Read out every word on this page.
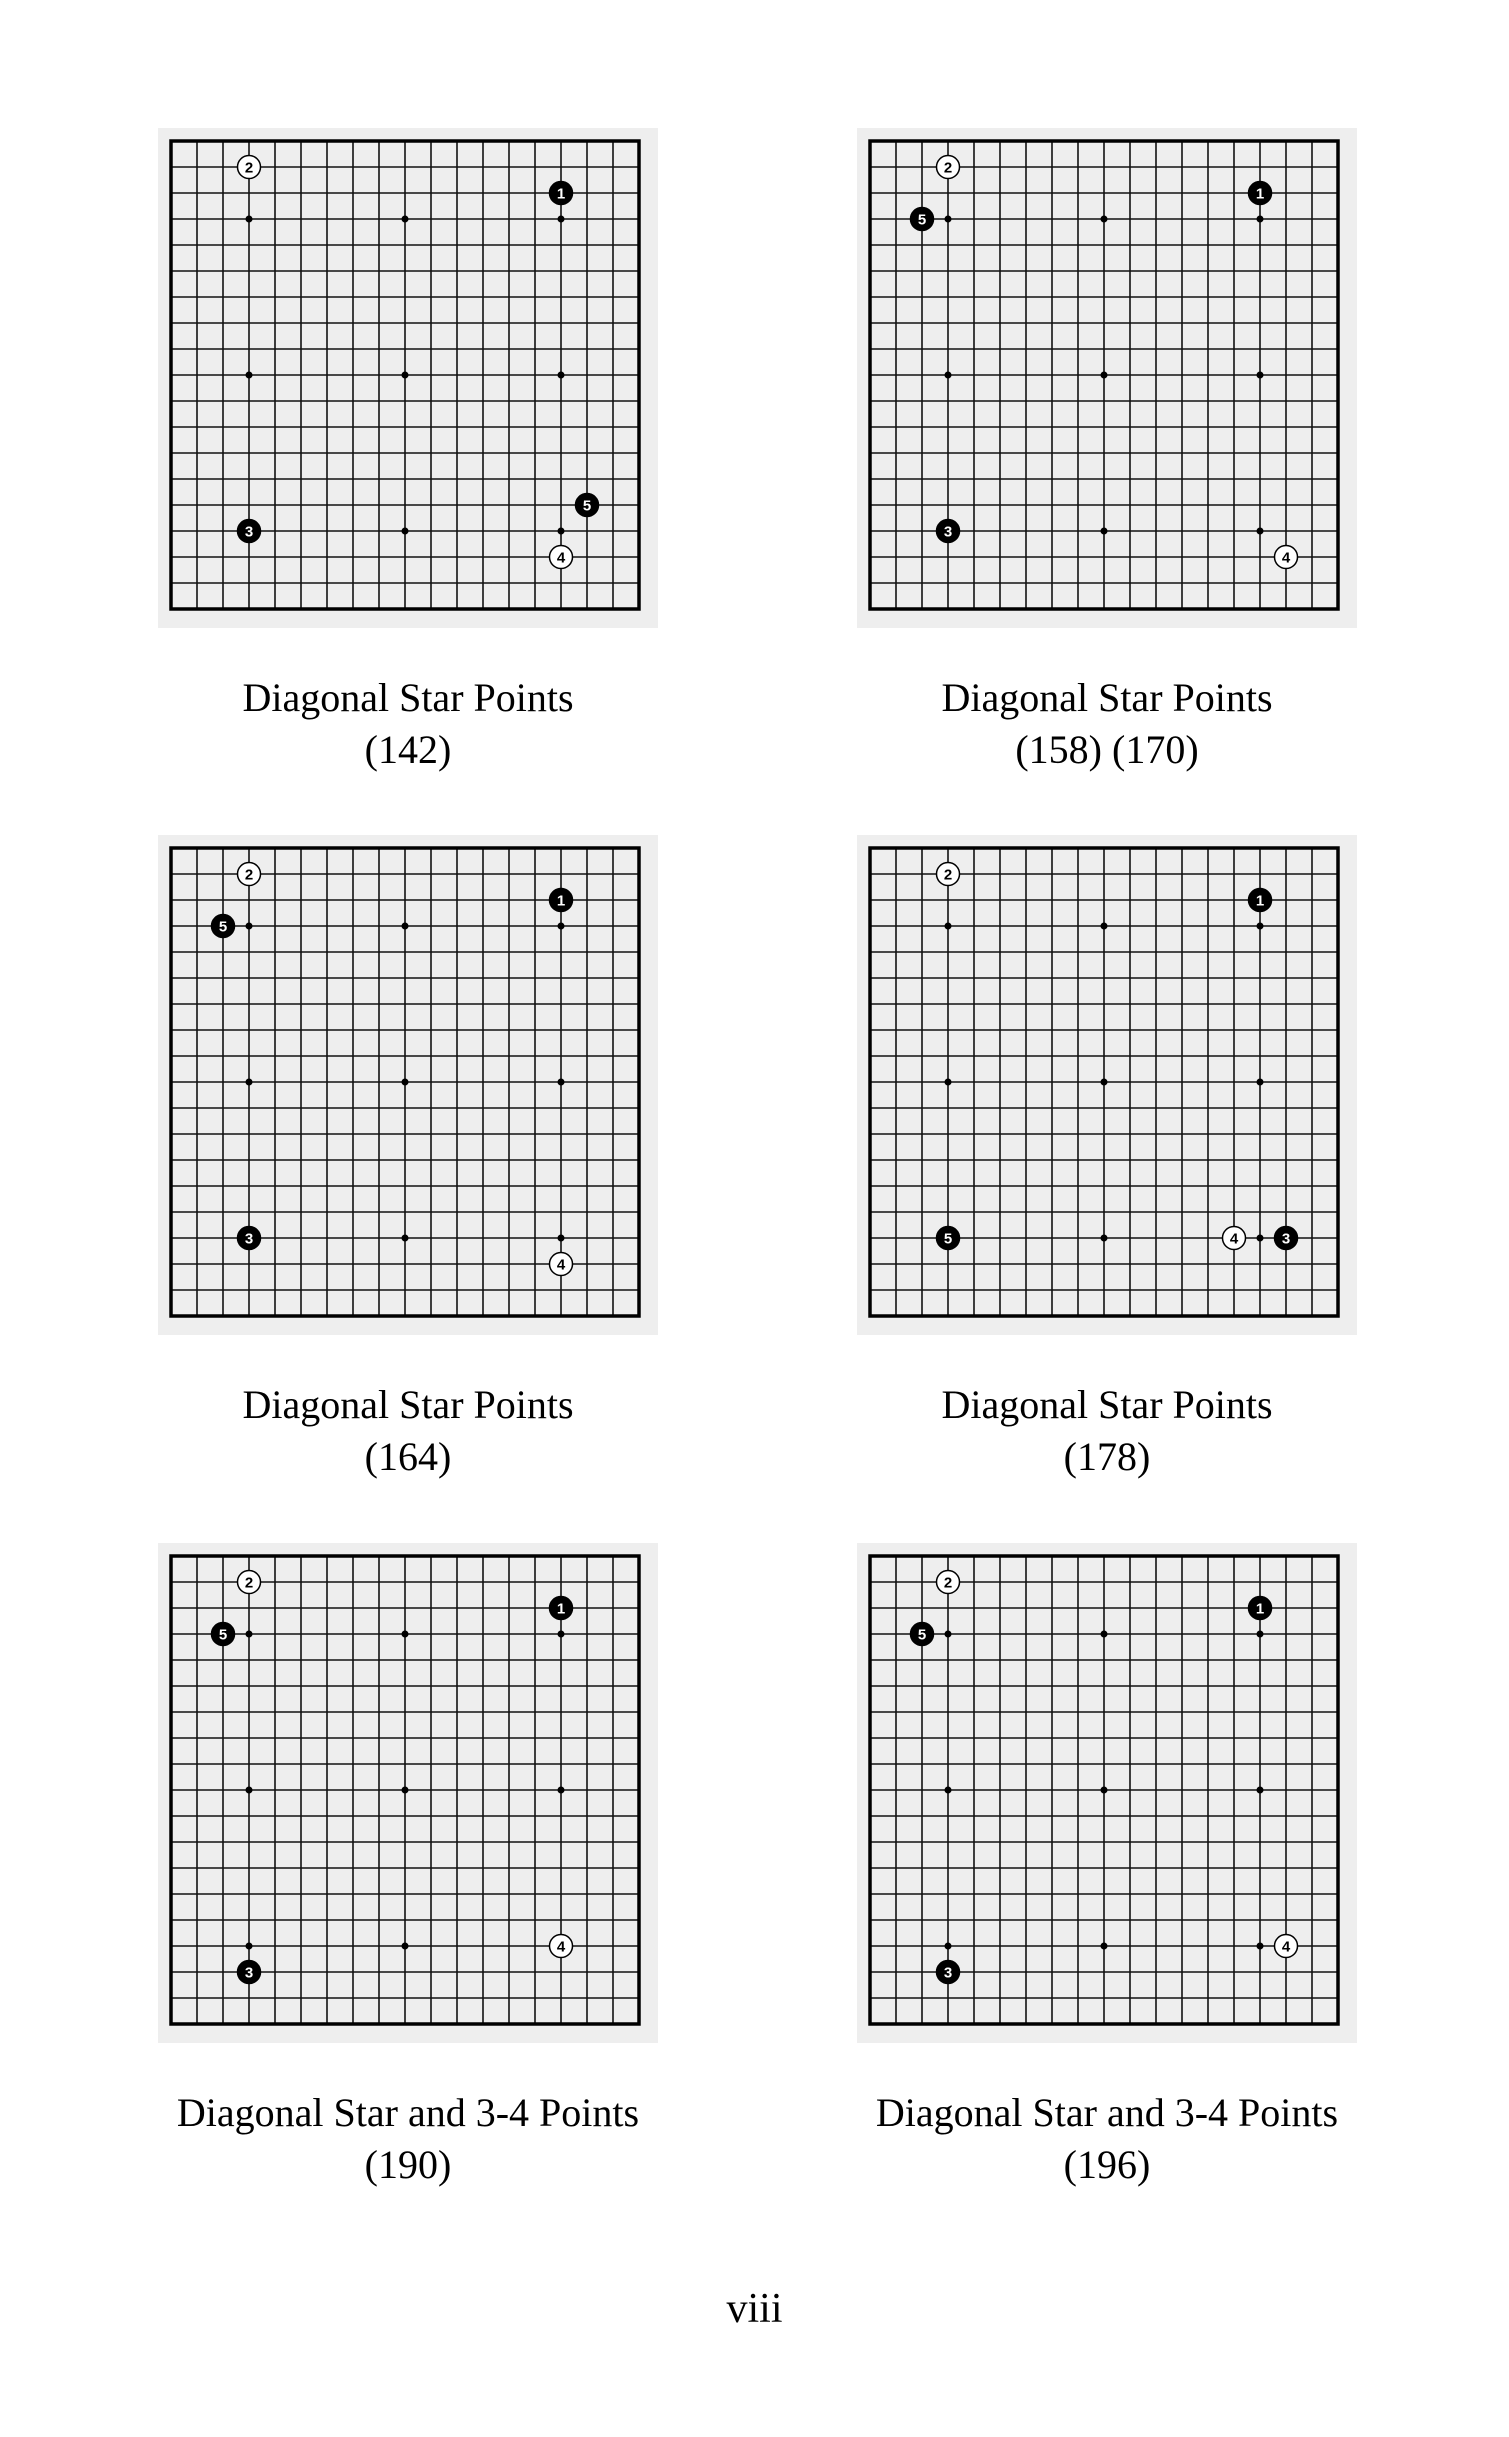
1
2
3
4
5
Diagonal Star Points
(142)
1
2
3
4
5
Diagonal Star Points
(158) (170)
1
2
3
4
5
Diagonal Star Points
(164)
1
2
3
4
5
Diagonal Star Points
(178)
1
2
3
4
5
Diagonal Star and 3-4 Points
(190)
1
2
3
4
5
Diagonal Star and 3-4 Points
(196)
viii
